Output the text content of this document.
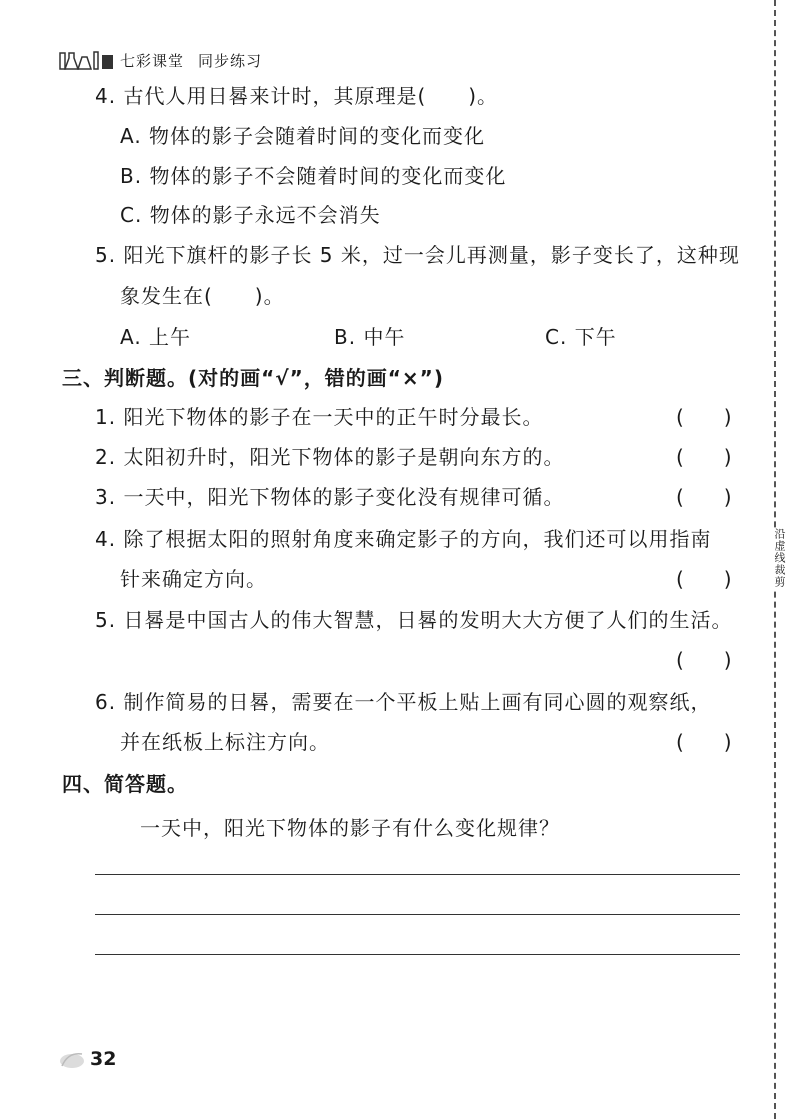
七彩课堂 同步练习
4. 古代人用日晷来计时，其原理是(　　)。
A. 物体的影子会随着时间的变化而变化
B. 物体的影子不会随着时间的变化而变化
C. 物体的影子永远不会消失
5. 阳光下旗杆的影子长 5 米，过一会儿再测量，影子变长了，这种现
象发生在(　　)。
A. 上午	B. 中午	C. 下午
三、判断题。(对的画“√”，错的画“×”)
1. 阳光下物体的影子在一天中的正午时分最长。	(　　)
2. 太阳初升时，阳光下物体的影子是朝向东方的。	(　　)
3. 一天中，阳光下物体的影子变化没有规律可循。	(　　)
4. 除了根据太阳的照射角度来确定影子的方向，我们还可以用指南
针来确定方向。	(　　)
5. 日晷是中国古人的伟大智慧，日晷的发明大大方便了人们的生活。
(　　)
6. 制作简易的日晷，需要在一个平板上贴上画有同心圆的观察纸，
并在纸板上标注方向。	(　　)
四、简答题。
一天中，阳光下物体的影子有什么变化规律？
沿虚线裁剪
32
